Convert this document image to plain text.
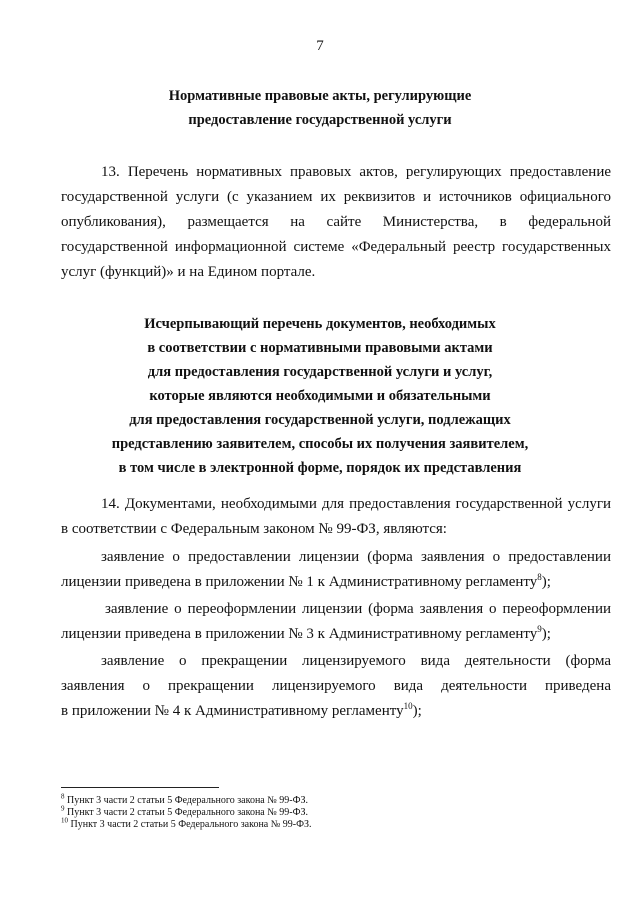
7
Нормативные правовые акты, регулирующие
предоставление государственной услуги
13. Перечень нормативных правовых актов, регулирующих предоставление
государственной услуги (с указанием их реквизитов и источников официального
опубликования), размещается на сайте Министерства, в федеральной
государственной информационной системе «Федеральный реестр государственных
услуг (функций)» и на Едином портале.
Исчерпывающий перечень документов, необходимых
в соответствии с нормативными правовыми актами
для предоставления государственной услуги и услуг,
которые являются необходимыми и обязательными
для предоставления государственной услуги, подлежащих
представлению заявителем, способы их получения заявителем,
в том числе в электронной форме, порядок их представления
14. Документами, необходимыми для предоставления государственной услуги
в соответствии с Федеральным законом № 99-ФЗ, являются:
заявление о предоставлении лицензии (форма заявления о предоставлении
лицензии приведена в приложении № 1 к Административному регламенту$^8$);
заявление о переоформлении лицензии (форма заявления о переоформлении
лицензии приведена в приложении № 3 к Административному регламенту$^9$);
заявление о прекращении лицензируемого вида деятельности (форма
заявления о прекращении лицензируемого вида деятельности приведена
в приложении № 4 к Административному регламенту$^{10}$);
$^8$ Пункт 3 части 2 статьи 5 Федерального закона № 99-ФЗ.
$^9$ Пункт 3 части 2 статьи 5 Федерального закона № 99-ФЗ.
$^{10}$ Пункт 3 части 2 статьи 5 Федерального закона № 99-ФЗ.
